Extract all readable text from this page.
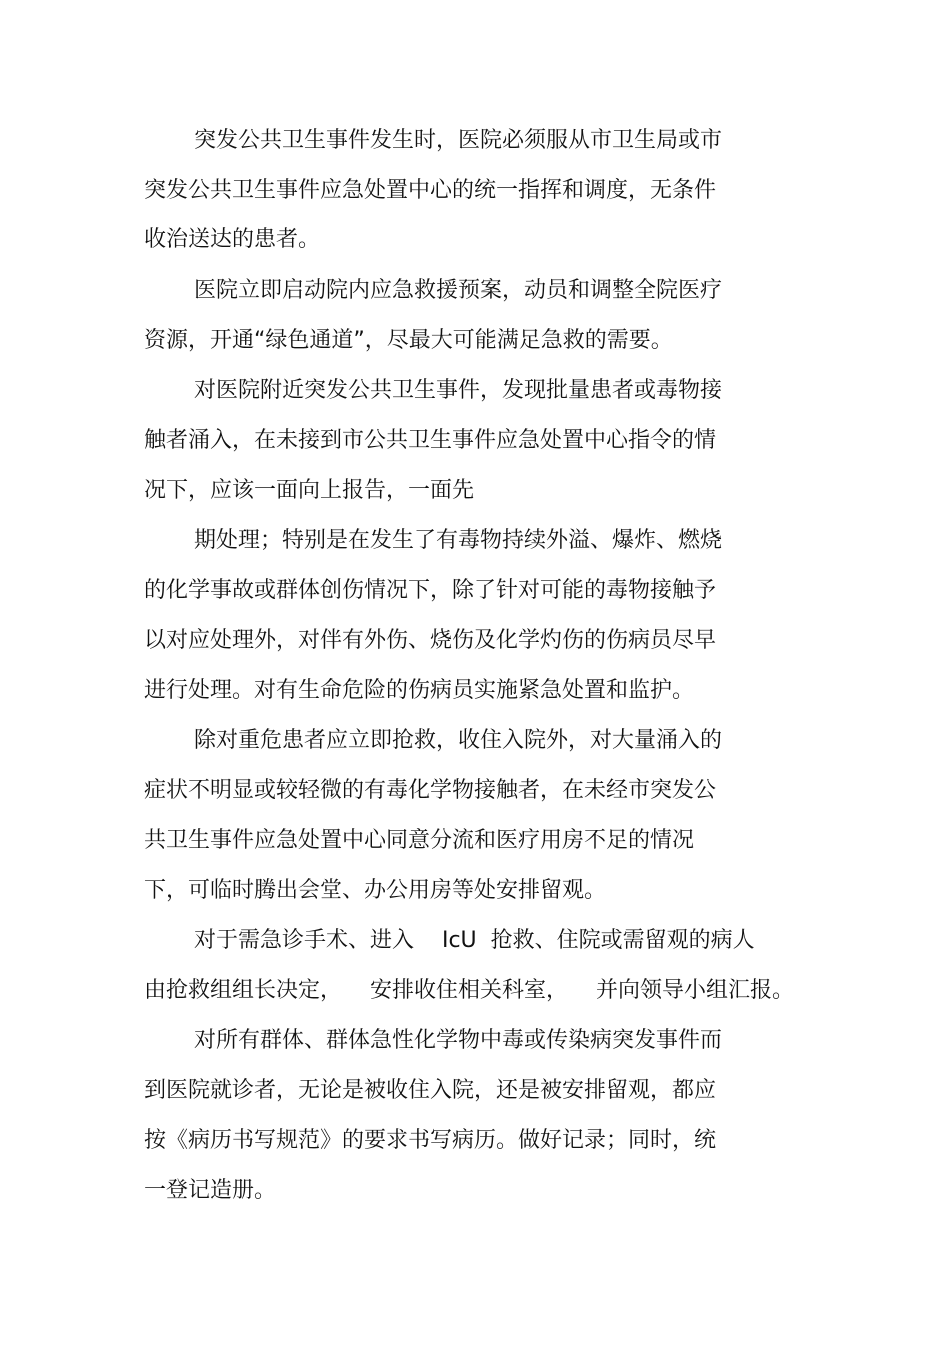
突发公共卫生事件发生时，医院必须服从市卫生局或市
突发公共卫生事件应急处置中心的统一指挥和调度，无条件
收治送达的患者。
医院立即启动院内应急救援预案，动员和调整全院医疗
资源，开通“绿色通道”，尽最大可能满足急救的需要。
对医院附近突发公共卫生事件，发现批量患者或毒物接
触者涌入，在未接到市公共卫生事件应急处置中心指令的情
况下，应该一面向上报告，一面先
期处理；特别是在发生了有毒物持续外溢、爆炸、燃烧
的化学事故或群体创伤情况下，除了针对可能的毒物接触予
以对应处理外，对伴有外伤、烧伤及化学灼伤的伤病员尽早
进行处理。对有生命危险的伤病员实施紧急处置和监护。
除对重危患者应立即抢救，收住入院外，对大量涌入的
症状不明显或较轻微的有毒化学物接触者，在未经市突发公
共卫生事件应急处置中心同意分流和医疗用房不足的情况
下，可临时腾出会堂、办公用房等处安排留观。
对于需急诊手术、进入    IcU  抢救、住院或需留观的病人
由抢救组组长决定，    安排收住相关科室，    并向领导小组汇报。
对所有群体、群体急性化学物中毒或传染病突发事件而
到医院就诊者，无论是被收住入院，还是被安排留观，都应
按《病历书写规范》的要求书写病历。做好记录；同时，统
一登记造册。
